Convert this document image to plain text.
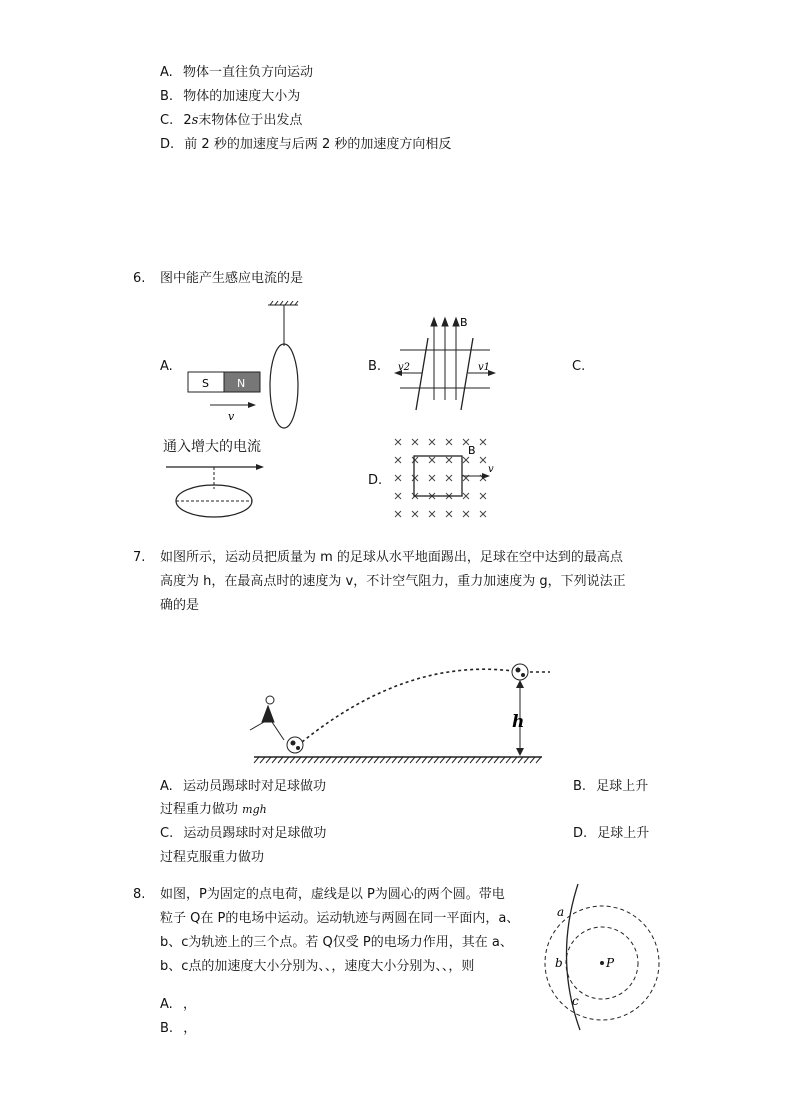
A. 物体一直往负方向运动
B. 物体的加速度大小为
C. 2s末物体位于出发点
D. 前 2 秒的加速度与后两 2 秒的加速度方向相反
6. 图中能产生感应电流的是
A.	B.	C.
D.
S	N
v
B
v2	v1
通入增大的电流
v
B
7. 如图所示，运动员把质量为 m 的足球从水平地面踢出，足球在空中达到的最高点
高度为 h，在最高点时的速度为 v，不计空气阻力，重力加速度为 g，下列说法正
确的是
h
A. 运动员踢球时对足球做功	B. 足球上升
过程重力做功 mgh
C. 运动员踢球时对足球做功	D. 足球上升
过程克服重力做功
8. 如图，P为固定的点电荷，虚线是以 P为圆心的两个圆。带电
粒子 Q在 P的电场中运动。运动轨迹与两圆在同一平面内，a、
b、c为轨迹上的三个点。若 Q仅受 P的电场力作用，其在 a、
b、c点的加速度大小分别为、、，速度大小分别为、、，则
A. ，
B. ，
P
a
b
c
